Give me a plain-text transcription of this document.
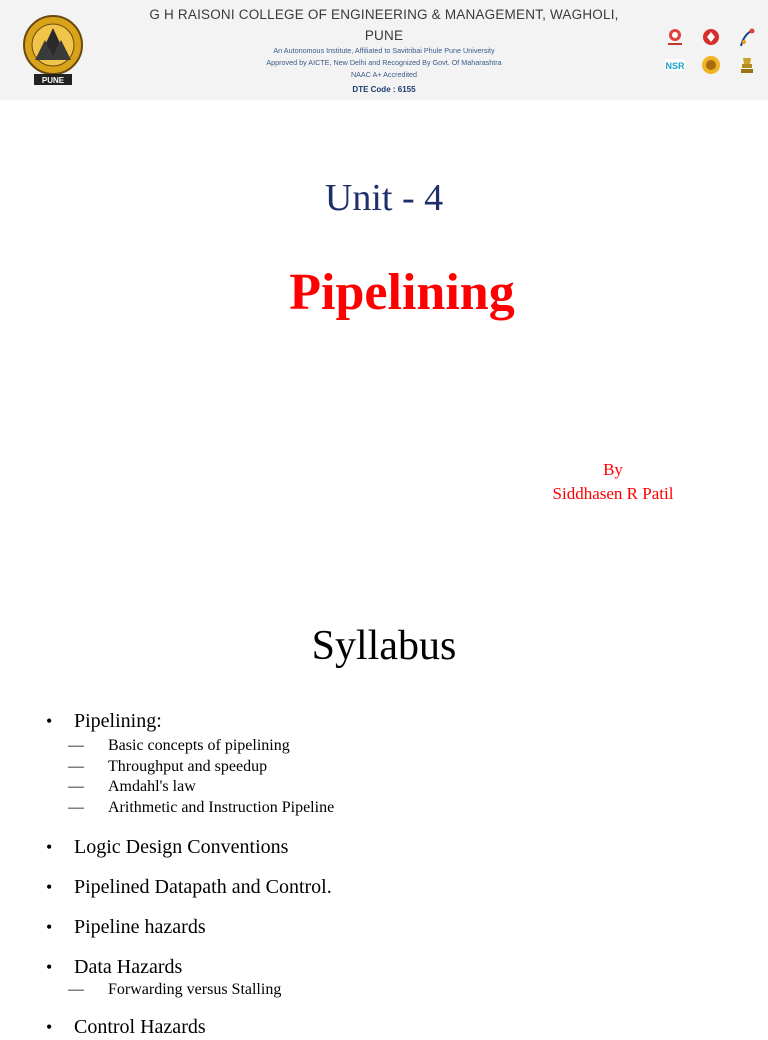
PUNE
G H RAISONI COLLEGE OF ENGINEERING & MANAGEMENT, WAGHOLI,
PUNE
An Autonomous Institute, Affiliated to Savitribai Phule Pune University
Approved by AICTE, New Delhi and Recognized By Govt. Of Maharashtra
NAAC A+ Accredited
DTE Code : 6155
NSR
Unit - 4
Pipelining
By
Siddhasen R Patil
Syllabus
• Pipelining:
— Basic concepts of pipelining
— Throughput and speedup
— Amdahl's law
— Arithmetic and Instruction Pipeline
• Logic Design Conventions
• Pipelined Datapath and Control.
• Pipeline hazards
• Data Hazards
— Forwarding versus Stalling
• Control Hazards
